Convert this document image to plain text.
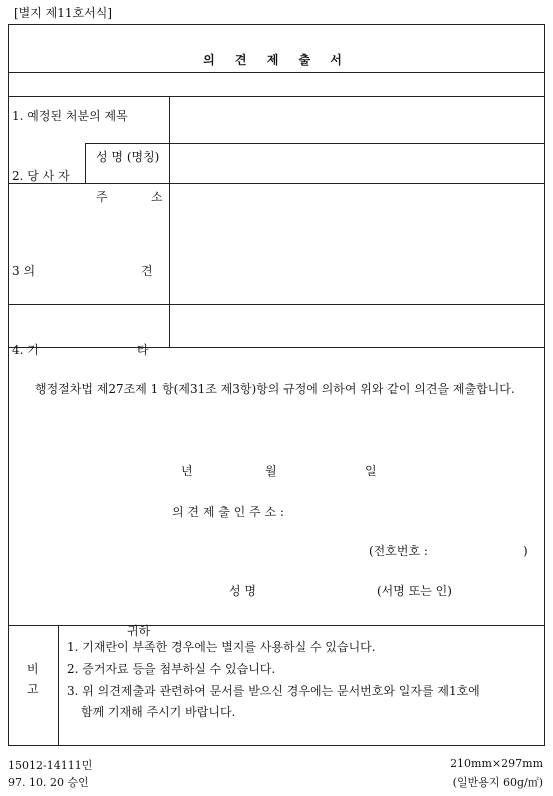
[별지 제11호서식]
의 견 제 출 서
1. 예정된 처분의 제목
2. 당 사 자
성 명 (명칭)
주	소
3 의	견
4. 기	타
행정절차법 제27조제 1 항(제31조 제3항)항의 규정에 의하여 위와 같이 의견을 제출합니다.
년	월	일
의 견 제 출 인 주 소 :
(전호번호 :	)
성 명	(서명 또는 인)
귀하
비
고
1. 기재란이 부족한 경우에는 별지를 사용하실 수 있습니다.
2. 증거자료 등을 첨부하실 수 있습니다.
3. 위 의견제출과 관련하여 문서를 받으신 경우에는 문서번호와 일자를 제1호에
함께 기재해 주시기 바랍니다.
15012-14111민
97. 10. 20 승인
210mm×297mm
(일반용지 60g/㎡)
